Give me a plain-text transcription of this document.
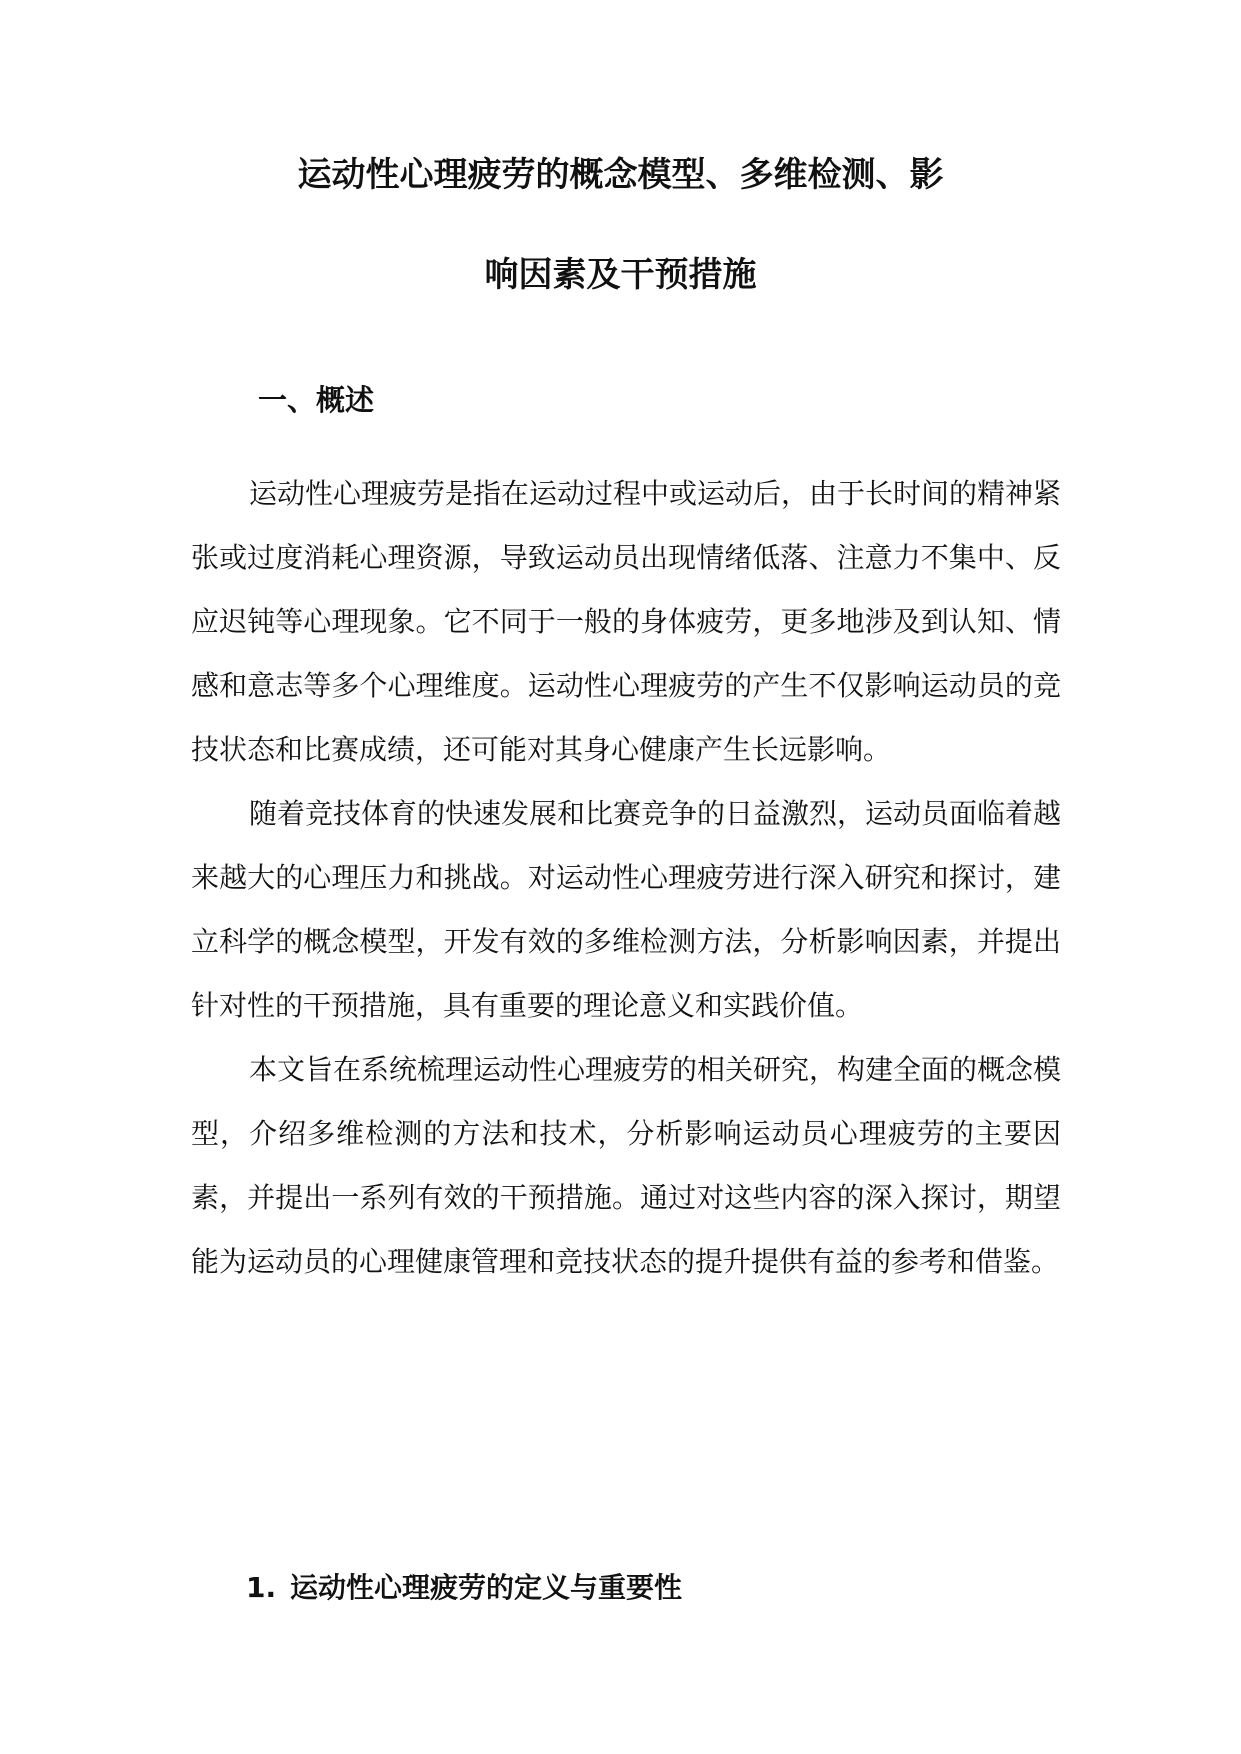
运动性心理疲劳的概念模型、多维检测、影
响因素及干预措施
一、概述

运动性心理疲劳是指在运动过程中或运动后，由于长时间的精神紧张或过度消耗心理资源，导致运动员出现情绪低落、注意力不集中、反应迟钝等心理现象。它不同于一般的身体疲劳，更多地涉及到认知、情感和意志等多个心理维度。运动性心理疲劳的产生不仅影响运动员的竞技状态和比赛成绩，还可能对其身心健康产生长远影响。

随着竞技体育的快速发展和比赛竞争的日益激烈，运动员面临着越来越大的心理压力和挑战。对运动性心理疲劳进行深入研究和探讨，建立科学的概念模型，开发有效的多维检测方法，分析影响因素，并提出针对性的干预措施，具有重要的理论意义和实践价值。

本文旨在系统梳理运动性心理疲劳的相关研究，构建全面的概念模型，介绍多维检测的方法和技术，分析影响运动员心理疲劳的主要因素，并提出一系列有效的干预措施。通过对这些内容的深入探讨，期望能为运动员的心理健康管理和竞技状态的提升提供有益的参考和借鉴。

1. 运动性心理疲劳的定义与重要性
